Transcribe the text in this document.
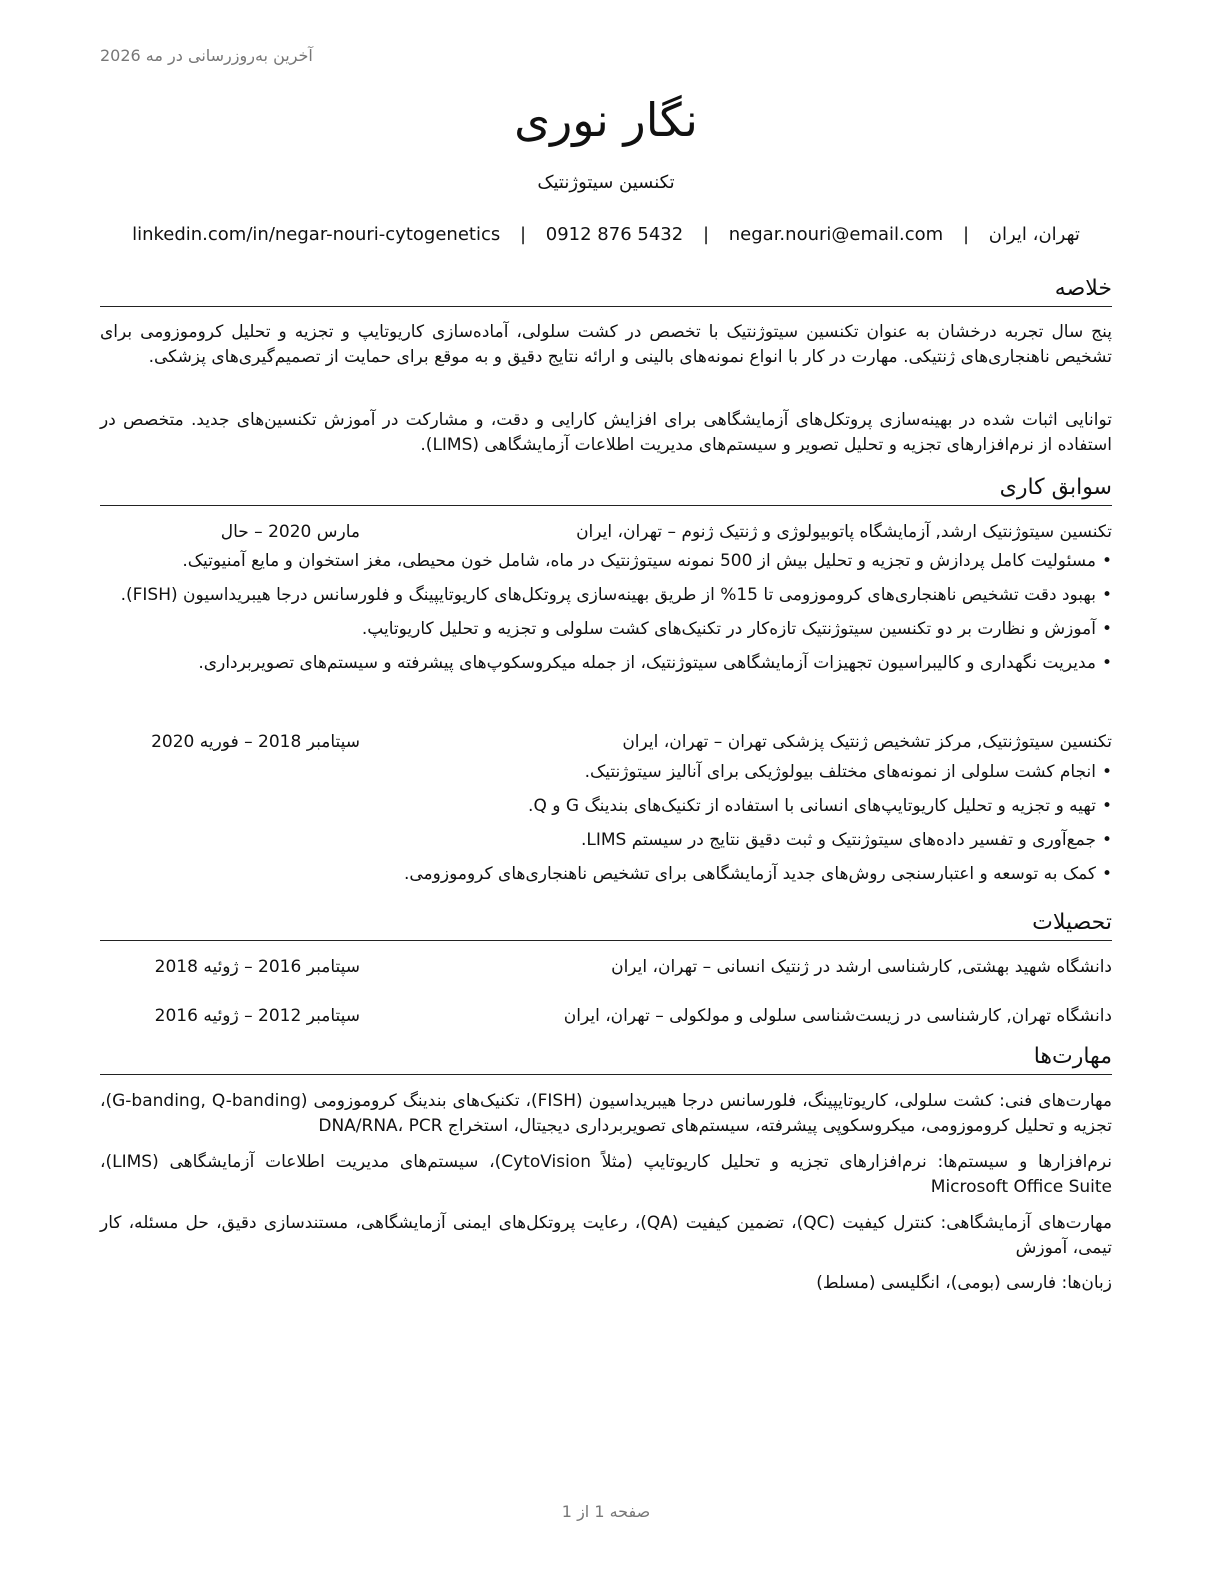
آخرین به‌روزرسانی در مه 2026
نگار نوری
تکنسین سیتوژنتیک
تهران، ایران | negar.nouri@email.com | 0912 876 5432 | linkedin.com/in/negar-nouri-cytogenetics
خلاصه
پنج سال تجربه درخشان به عنوان تکنسین سیتوژنتیک با تخصص در کشت سلولی، آماده‌سازی کاریوتایپ و تجزیه و تحلیل کروموزومی برای تشخیص ناهنجاری‌های ژنتیکی. مهارت در کار با انواع نمونه‌های بالینی و ارائه نتایج دقیق و به موقع برای حمایت از تصمیم‌گیری‌های پزشکی.
توانایی اثبات شده در بهینه‌سازی پروتکل‌های آزمایشگاهی برای افزایش کارایی و دقت، و مشارکت در آموزش تکنسین‌های جدید. متخصص در استفاده از نرم‌افزارهای تجزیه و تحلیل تصویر و سیستم‌های مدیریت اطلاعات آزمایشگاهی (LIMS).
سوابق کاری
تکنسین سیتوژنتیک ارشد, آزمایشگاه پاتوبیولوژی و ژنتیک ژنوم – تهران، ایران
مارس 2020 – حال
• مسئولیت کامل پردازش و تجزیه و تحلیل بیش از 500 نمونه سیتوژنتیک در ماه، شامل خون محیطی، مغز استخوان و مایع آمنیوتیک.
• بهبود دقت تشخیص ناهنجاری‌های کروموزومی تا 15% از طریق بهینه‌سازی پروتکل‌های کاریوتایپینگ و فلورسانس درجا هیبریداسیون (FISH).
• آموزش و نظارت بر دو تکنسین سیتوژنتیک تازه‌کار در تکنیک‌های کشت سلولی و تجزیه و تحلیل کاریوتایپ.
• مدیریت نگهداری و کالیبراسیون تجهیزات آزمایشگاهی سیتوژنتیک، از جمله میکروسکوپ‌های پیشرفته و سیستم‌های تصویربرداری.
تکنسین سیتوژنتیک, مرکز تشخیص ژنتیک پزشکی تهران – تهران، ایران
سپتامبر 2018 – فوریه 2020
• انجام کشت سلولی از نمونه‌های مختلف بیولوژیکی برای آنالیز سیتوژنتیک.
• تهیه و تجزیه و تحلیل کاریوتایپ‌های انسانی با استفاده از تکنیک‌های بندینگ G و Q.
• جمع‌آوری و تفسیر داده‌های سیتوژنتیک و ثبت دقیق نتایج در سیستم LIMS.
• کمک به توسعه و اعتبارسنجی روش‌های جدید آزمایشگاهی برای تشخیص ناهنجاری‌های کروموزومی.
تحصیلات
دانشگاه شهید بهشتی, کارشناسی ارشد در ژنتیک انسانی – تهران، ایران
سپتامبر 2016 – ژوئیه 2018
دانشگاه تهران, کارشناسی در زیست‌شناسی سلولی و مولکولی – تهران، ایران
سپتامبر 2012 – ژوئیه 2016
مهارت‌ها
مهارت‌های فنی: کشت سلولی، کاریوتایپینگ، فلورسانس درجا هیبریداسیون (FISH)، تکنیک‌های بندینگ کروموزومی (G-banding, Q-banding)، تجزیه و تحلیل کروموزومی، میکروسکوپی پیشرفته، سیستم‌های تصویربرداری دیجیتال، استخراج DNA/RNA، PCR
نرم‌افزارها و سیستم‌ها: نرم‌افزارهای تجزیه و تحلیل کاریوتایپ (مثلاً CytoVision)، سیستم‌های مدیریت اطلاعات آزمایشگاهی (LIMS)، Microsoft Office Suite
مهارت‌های آزمایشگاهی: کنترل کیفیت (QC)، تضمین کیفیت (QA)، رعایت پروتکل‌های ایمنی آزمایشگاهی، مستندسازی دقیق، حل مسئله، کار تیمی، آموزش
زبان‌ها: فارسی (بومی)، انگلیسی (مسلط)
صفحه 1 از 1
